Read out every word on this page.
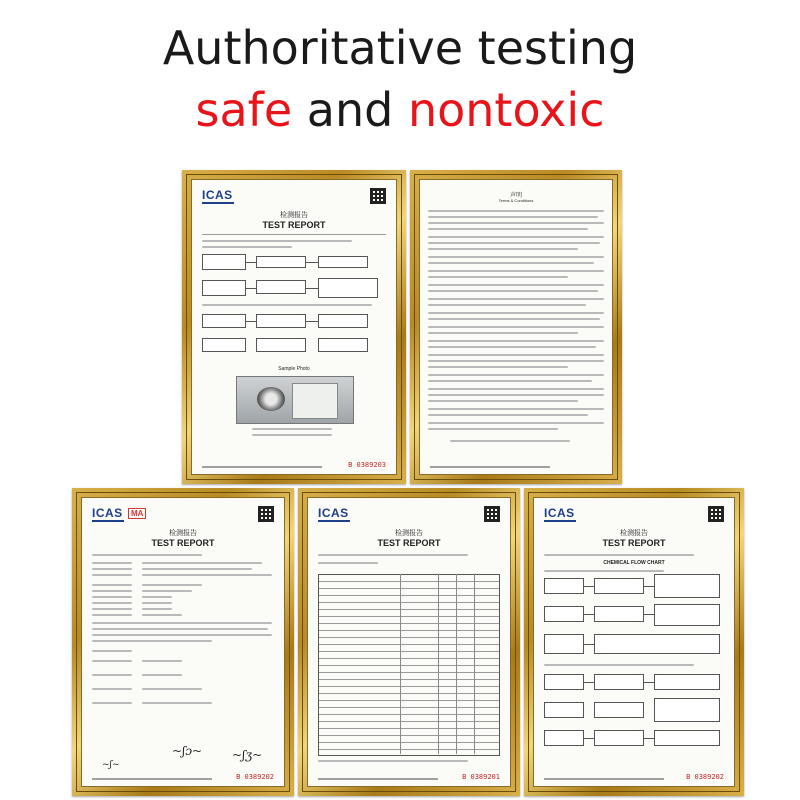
Authoritative testing
safe and nontoxic
ICAS
检测报告
TEST REPORT
Sample Photo
B 0389203
声明
Terms & Conditions
ICAS	MA
检测报告
TEST REPORT
~ʃɔ~ ~ʃʒ~
~ʃ~
B 0389202
ICAS
检测报告
TEST REPORT
B 0389201
ICAS
检测报告
TEST REPORT
CHEMICAL FLOW CHART
B 0389202
